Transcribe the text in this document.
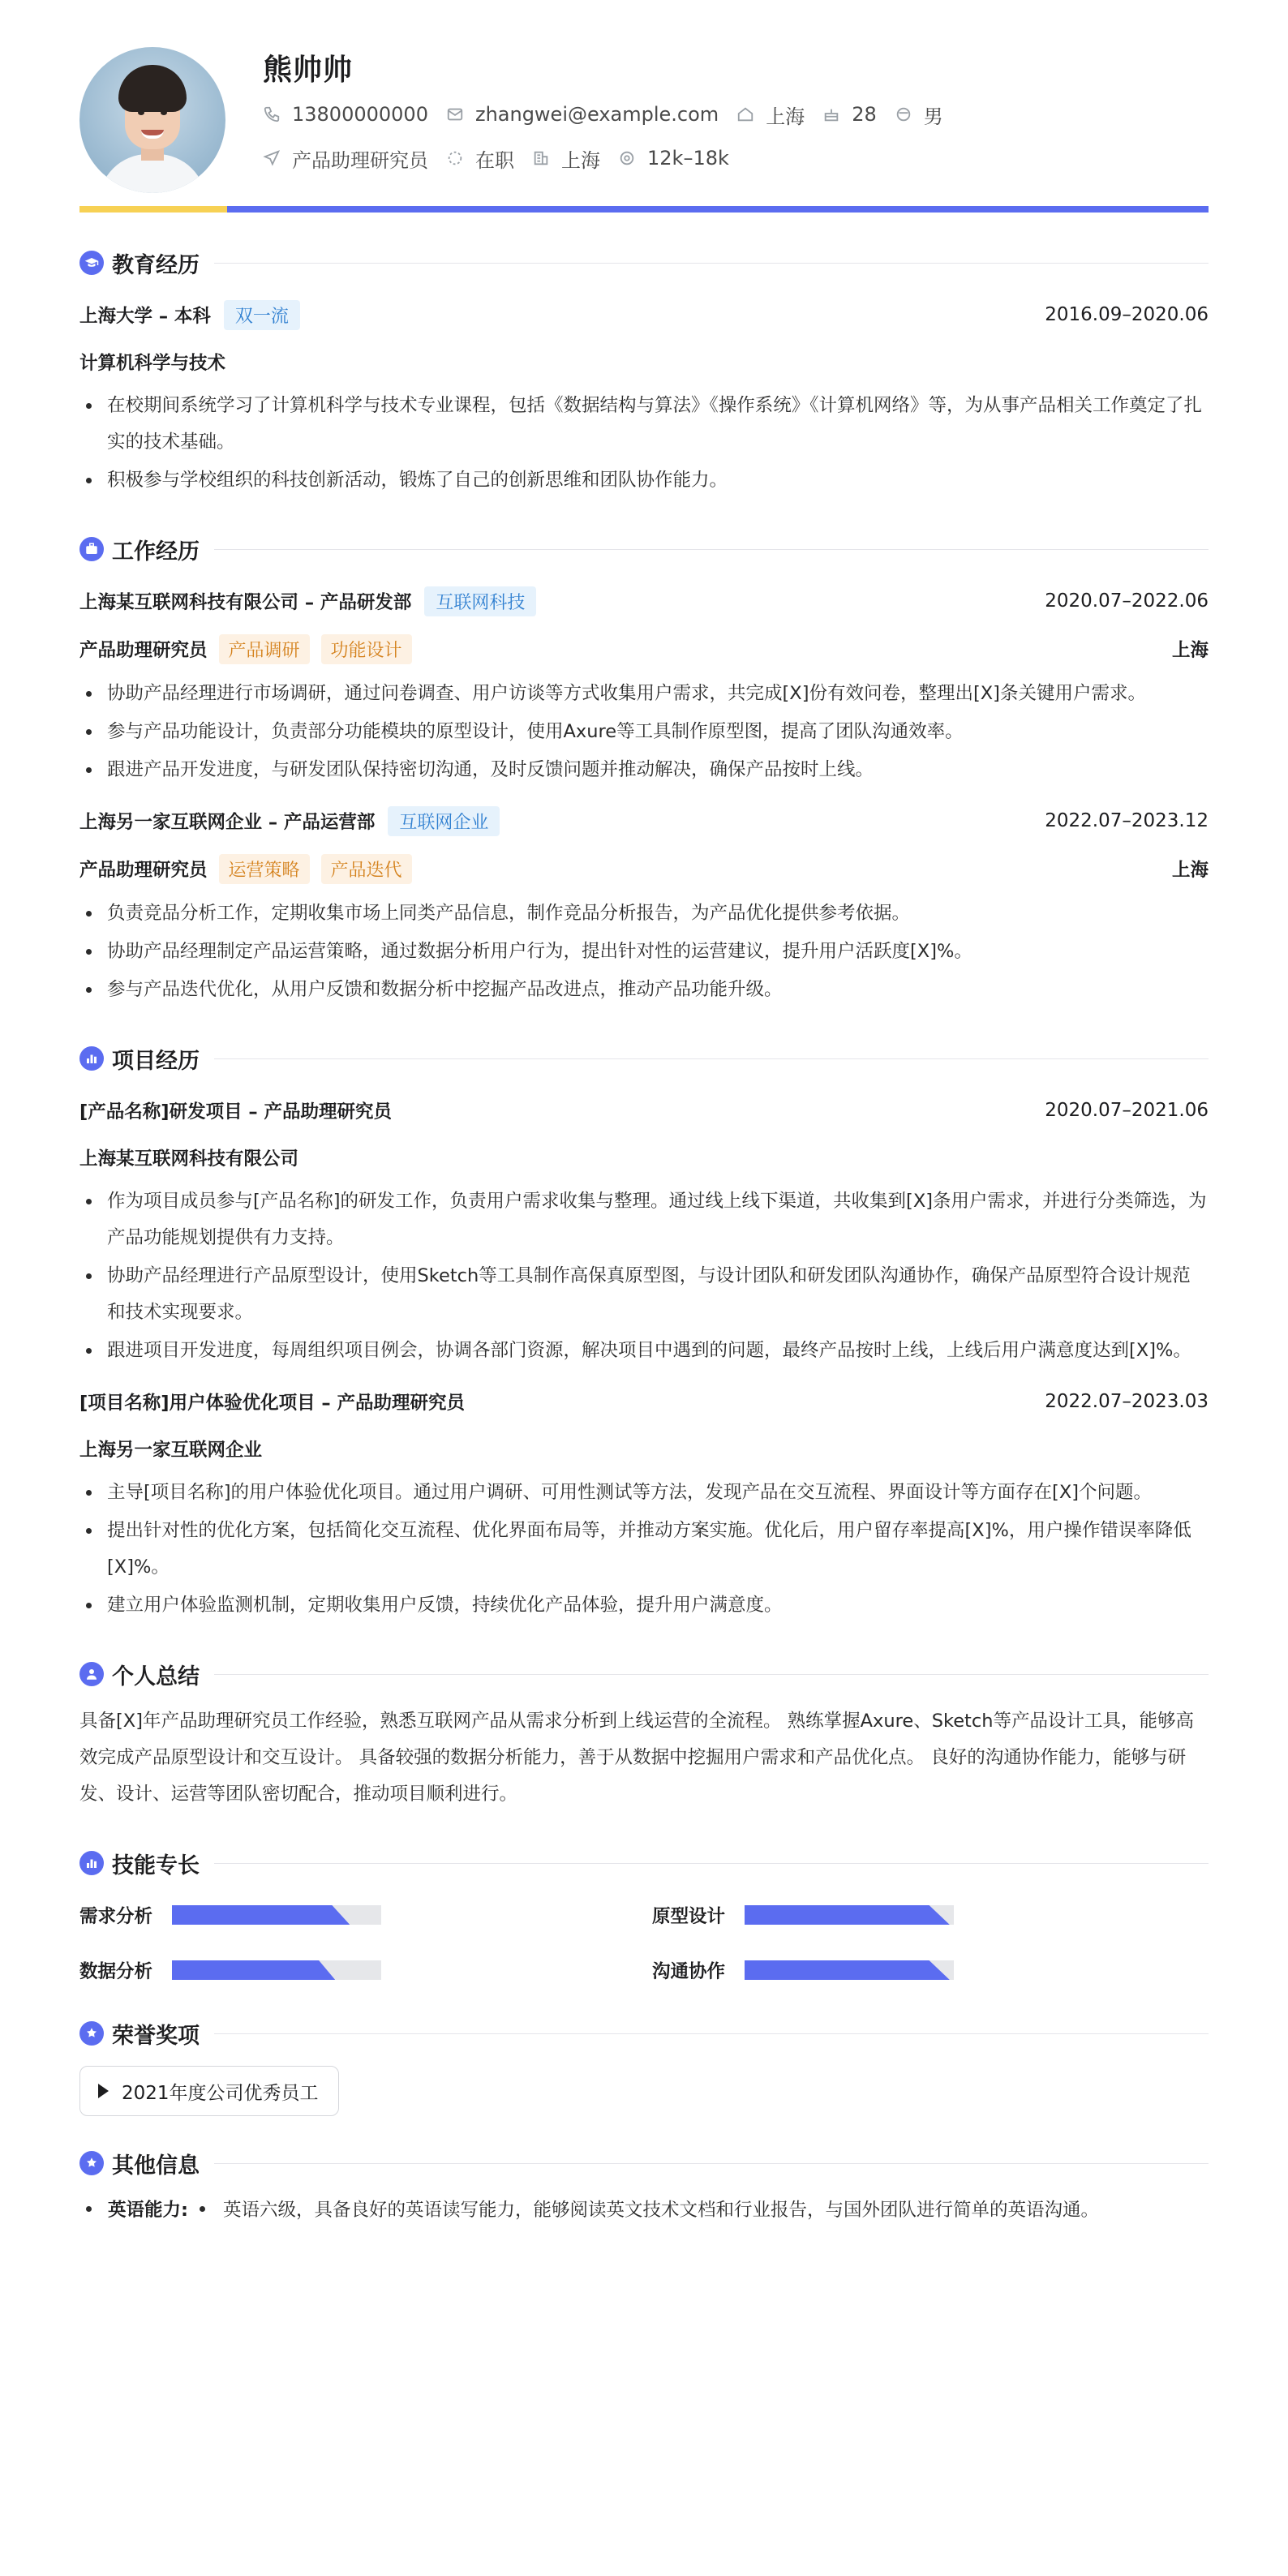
熊帅帅
13800000000 zhangwei@example.com 上海 28 男
产品助理研究员 在职 上海 12k–18k
教育经历
上海大学 – 本科	双一流	2016.09–2020.06
计算机科学与技术
在校期间系统学习了计算机科学与技术专业课程，包括《数据结构与算法》《操作系统》《计算机网络》等，为从事产品相关工作奠定了扎实的技术基础。
积极参与学校组织的科技创新活动，锻炼了自己的创新思维和团队协作能力。
工作经历
上海某互联网科技有限公司 – 产品研发部	互联网科技	2020.07–2022.06
产品助理研究员	产品调研	功能设计	上海
协助产品经理进行市场调研，通过问卷调查、用户访谈等方式收集用户需求，共完成[X]份有效问卷，整理出[X]条关键用户需求。
参与产品功能设计，负责部分功能模块的原型设计，使用Axure等工具制作原型图，提高了团队沟通效率。
跟进产品开发进度，与研发团队保持密切沟通，及时反馈问题并推动解决，确保产品按时上线。
上海另一家互联网企业 – 产品运营部	互联网企业	2022.07–2023.12
产品助理研究员	运营策略	产品迭代	上海
负责竞品分析工作，定期收集市场上同类产品信息，制作竞品分析报告，为产品优化提供参考依据。
协助产品经理制定产品运营策略，通过数据分析用户行为，提出针对性的运营建议，提升用户活跃度[X]%。
参与产品迭代优化，从用户反馈和数据分析中挖掘产品改进点，推动产品功能升级。
项目经历
[产品名称]研发项目 – 产品助理研究员	2020.07–2021.06
上海某互联网科技有限公司
作为项目成员参与[产品名称]的研发工作，负责用户需求收集与整理。通过线上线下渠道，共收集到[X]条用户需求，并进行分类筛选，为产品功能规划提供有力支持。
协助产品经理进行产品原型设计，使用Sketch等工具制作高保真原型图，与设计团队和研发团队沟通协作，确保产品原型符合设计规范和技术实现要求。
跟进项目开发进度，每周组织项目例会，协调各部门资源，解决项目中遇到的问题，最终产品按时上线，上线后用户满意度达到[X]%。
[项目名称]用户体验优化项目 – 产品助理研究员	2022.07–2023.03
上海另一家互联网企业
主导[项目名称]的用户体验优化项目。通过用户调研、可用性测试等方法，发现产品在交互流程、界面设计等方面存在[X]个问题。
提出针对性的优化方案，包括简化交互流程、优化界面布局等，并推动方案实施。优化后，用户留存率提高[X]%，用户操作错误率降低[X]%。
建立用户体验监测机制，定期收集用户反馈，持续优化产品体验，提升用户满意度。
个人总结
具备[X]年产品助理研究员工作经验，熟悉互联网产品从需求分析到上线运营的全流程。 熟练掌握Axure、Sketch等产品设计工具，能够高效完成产品原型设计和交互设计。 具备较强的数据分析能力，善于从数据中挖掘用户需求和产品优化点。 良好的沟通协作能力，能够与研发、设计、运营等团队密切配合，推动项目顺利进行。
技能专长
需求分析	原型设计
数据分析	沟通协作
荣誉奖项
2021年度公司优秀员工
其他信息
英语能力: 英语六级，具备良好的英语读写能力，能够阅读英文技术文档和行业报告，与国外团队进行简单的英语沟通。
